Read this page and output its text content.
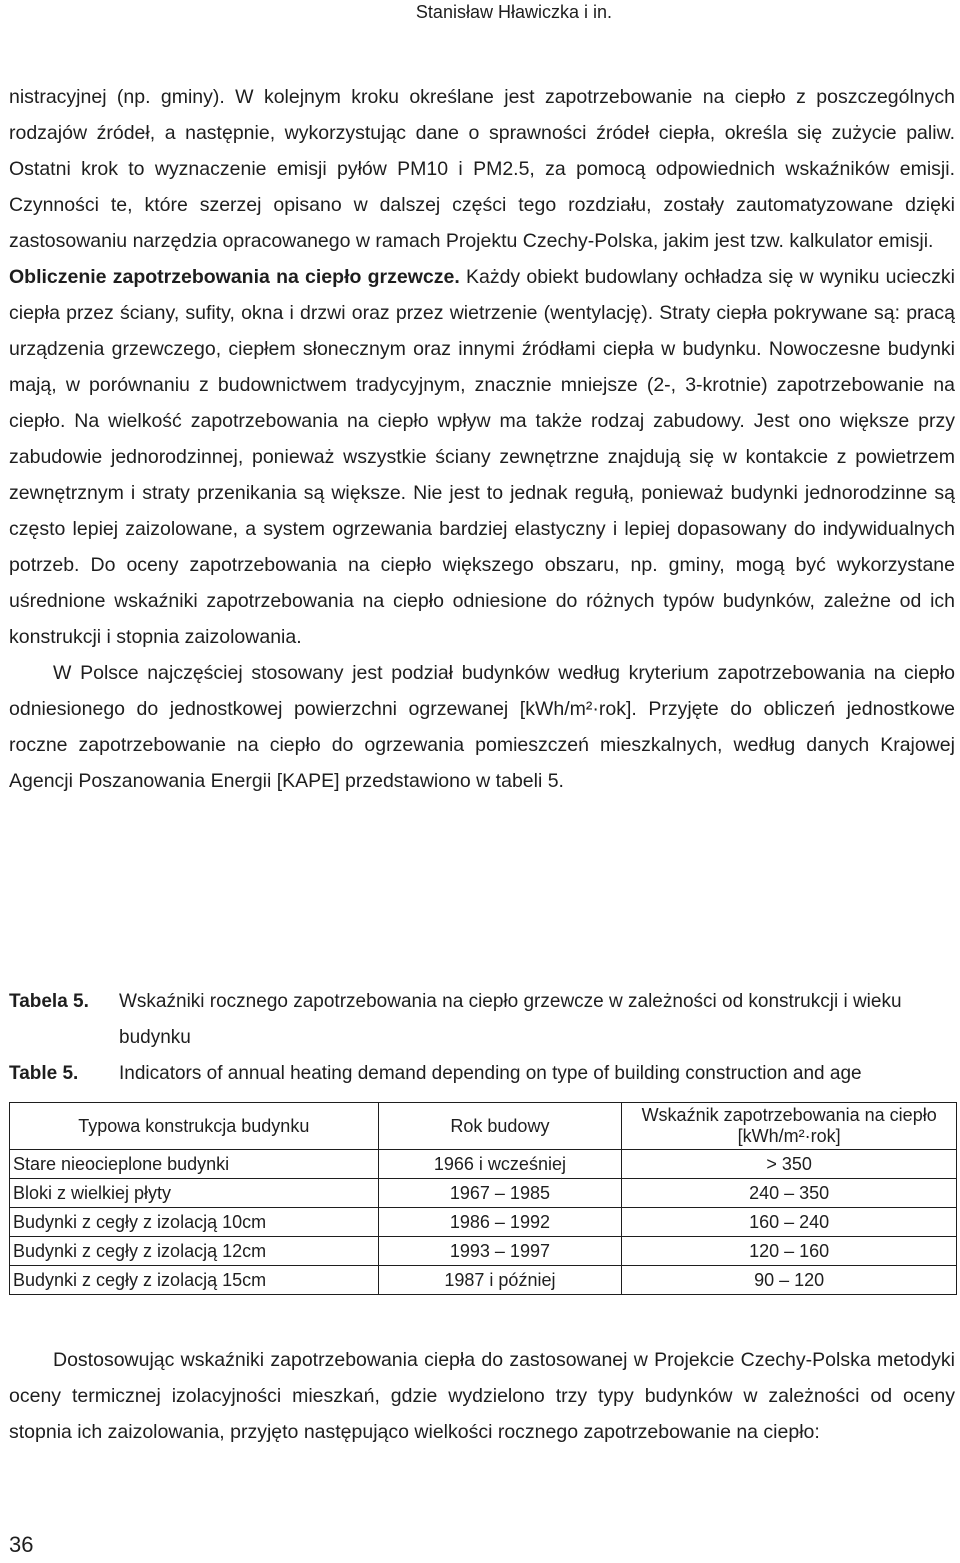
Stanisław Hławiczka i in.

nistracyjnej (np. gminy). W kolejnym kroku określane jest zapotrzebowanie na ciepło z poszczególnych rodzajów źródeł, a następnie, wykorzystując dane o sprawności źródeł ciepła, określa się zużycie paliw. Ostatni krok to wyznaczenie emisji pyłów PM10 i PM2.5, za pomocą odpowiednich wskaźników emisji. Czynności te, które szerzej opisano w dalszej części tego rozdziału, zostały zautomatyzowane dzięki zastosowaniu narzędzia opracowanego w ramach Projektu Czechy-Polska, jakim jest tzw. kalkulator emisji.

Obliczenie zapotrzebowania na ciepło grzewcze. Każdy obiekt budowlany ochładza się w wyniku ucieczki ciepła przez ściany, sufity, okna i drzwi oraz przez wietrzenie (wentylację). Straty ciepła pokrywane są: pracą urządzenia grzewczego, ciepłem słonecznym oraz innymi źródłami ciepła w budynku. Nowoczesne budynki mają, w porównaniu z budownictwem tradycyjnym, znacznie mniejsze (2-, 3-krotnie) zapotrzebowanie na ciepło. Na wielkość zapotrzebowania na ciepło wpływ ma także rodzaj zabudowy. Jest ono większe przy zabudowie jednorodzinnej, ponieważ wszystkie ściany zewnętrzne znajdują się w kontakcie z powietrzem zewnętrznym i straty przenikania są większe. Nie jest to jednak regułą, ponieważ budynki jednorodzinne są często lepiej zaizolowane, a system ogrzewania bardziej elastyczny i lepiej dopasowany do indywidualnych potrzeb. Do oceny zapotrzebowania na ciepło większego obszaru, np. gminy, mogą być wykorzystane uśrednione wskaźniki zapotrzebowania na ciepło odniesione do różnych typów budynków, zależne od ich konstrukcji i stopnia zaizolowania.

W Polsce najczęściej stosowany jest podział budynków według kryterium zapotrzebowania na ciepło odniesionego do jednostkowej powierzchni ogrzewanej [kWh/m²·rok]. Przyjęte do obliczeń jednostkowe roczne zapotrzebowanie na ciepło do ogrzewania pomieszczeń mieszkalnych, według danych Krajowej Agencji Poszanowania Energii [KAPE] przedstawiono w tabeli 5.

Tabela 5.	Wskaźniki rocznego zapotrzebowania na ciepło grzewcze w zależności od konstrukcji i wieku budynku
Table 5.	Indicators of annual heating demand depending on type of building construction and age
Typowa konstrukcja budynku	Rok budowy	Wskaźnik zapotrzebowania na ciepło [kWh/m²·rok]
Stare nieocieplone budynki	1966 i wcześniej	> 350
Bloki z wielkiej płyty	1967 – 1985	240 – 350
Budynki z cegły z izolacją 10cm	1986 – 1992	160 – 240
Budynki z cegły z izolacją 12cm	1993 – 1997	120 – 160
Budynki z cegły z izolacją 15cm	1987 i później	90 – 120

Dostosowując wskaźniki zapotrzebowania ciepła do zastosowanej w Projekcie Czechy-Polska metodyki oceny termicznej izolacyjności mieszkań, gdzie wydzielono trzy typy budynków w zależności od oceny stopnia ich zaizolowania, przyjęto następująco wielkości rocznego zapotrzebowanie na ciepło:

36
